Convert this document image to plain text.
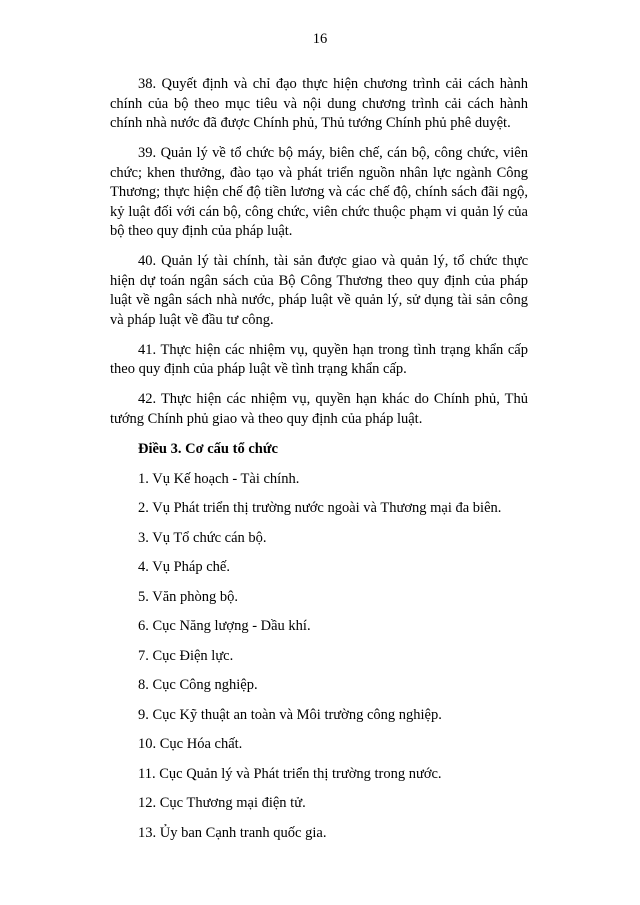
16

38. Quyết định và chỉ đạo thực hiện chương trình cải cách hành chính của bộ theo mục tiêu và nội dung chương trình cải cách hành chính nhà nước đã được Chính phủ, Thủ tướng Chính phủ phê duyệt.

39. Quản lý về tổ chức bộ máy, biên chế, cán bộ, công chức, viên chức; khen thưởng, đào tạo và phát triển nguồn nhân lực ngành Công Thương; thực hiện chế độ tiền lương và các chế độ, chính sách đãi ngộ, kỷ luật đối với cán bộ, công chức, viên chức thuộc phạm vi quản lý của bộ theo quy định của pháp luật.

40. Quản lý tài chính, tài sản được giao và quản lý, tổ chức thực hiện dự toán ngân sách của Bộ Công Thương theo quy định của pháp luật về ngân sách nhà nước, pháp luật về quản lý, sử dụng tài sản công và pháp luật về đầu tư công.

41. Thực hiện các nhiệm vụ, quyền hạn trong tình trạng khẩn cấp theo quy định của pháp luật về tình trạng khẩn cấp.

42. Thực hiện các nhiệm vụ, quyền hạn khác do Chính phủ, Thủ tướng Chính phủ giao và theo quy định của pháp luật.

Điều 3. Cơ cấu tổ chức

1. Vụ Kế hoạch - Tài chính.

2. Vụ Phát triển thị trường nước ngoài và Thương mại đa biên.

3. Vụ Tổ chức cán bộ.

4. Vụ Pháp chế.

5. Văn phòng bộ.

6. Cục Năng lượng - Dầu khí.

7. Cục Điện lực.

8. Cục Công nghiệp.

9. Cục Kỹ thuật an toàn và Môi trường công nghiệp.

10. Cục Hóa chất.

11. Cục Quản lý và Phát triển thị trường trong nước.

12. Cục Thương mại điện tử.

13. Ủy ban Cạnh tranh quốc gia.
